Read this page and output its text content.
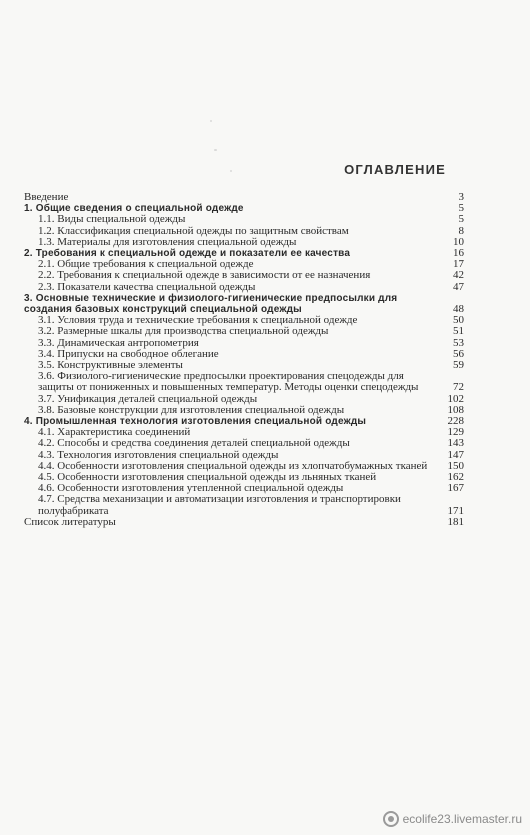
ОГЛАВЛЕНИЕ
Введение	3
1. Общие сведения о специальной одежде	5
1.1. Виды специальной одежды	5
1.2. Классификация специальной одежды по защитным свойствам	8
1.3. Материалы для изготовления специальной одежды	10
2. Требования к специальной одежде и показатели ее качества	16
2.1. Общие требования к специальной одежде	17
2.2. Требования к специальной одежде в зависимости от ее назначения	42
2.3. Показатели качества специальной одежды	47
3. Основные технические и физиолого-гигиенические предпосылки для создания базовых конструкций специальной одежды	48
3.1. Условия труда и технические требования к специальной одежде	50
3.2. Размерные шкалы для производства специальной одежды	51
3.3. Динамическая антропометрия	53
3.4. Припуски на свободное облегание	56
3.5. Конструктивные элементы	59
3.6. Физиолого-гигиенические предпосылки проектирования спецодежды для защиты от пониженных и повышенных температур. Методы оценки спецодежды	72
3.7. Унификация деталей специальной одежды	102
3.8. Базовые конструкции для изготовления специальной одежды	108
4. Промышленная технология изготовления специальной одежды	228
4.1. Характеристика соединений	129
4.2. Способы и средства соединения деталей специальной одежды	143
4.3. Технология изготовления специальной одежды	147
4.4. Особенности изготовления специальной одежды из хлопчатобумажных тканей	150
4.5. Особенности изготовления специальной одежды из льняных тканей	162
4.6. Особенности изготовления утепленной специальной одежды	167
4.7. Средства механизации и автоматизации изготовления и транспортировки полуфабриката	171
Список литературы	181
ecolife23.livemaster.ru
